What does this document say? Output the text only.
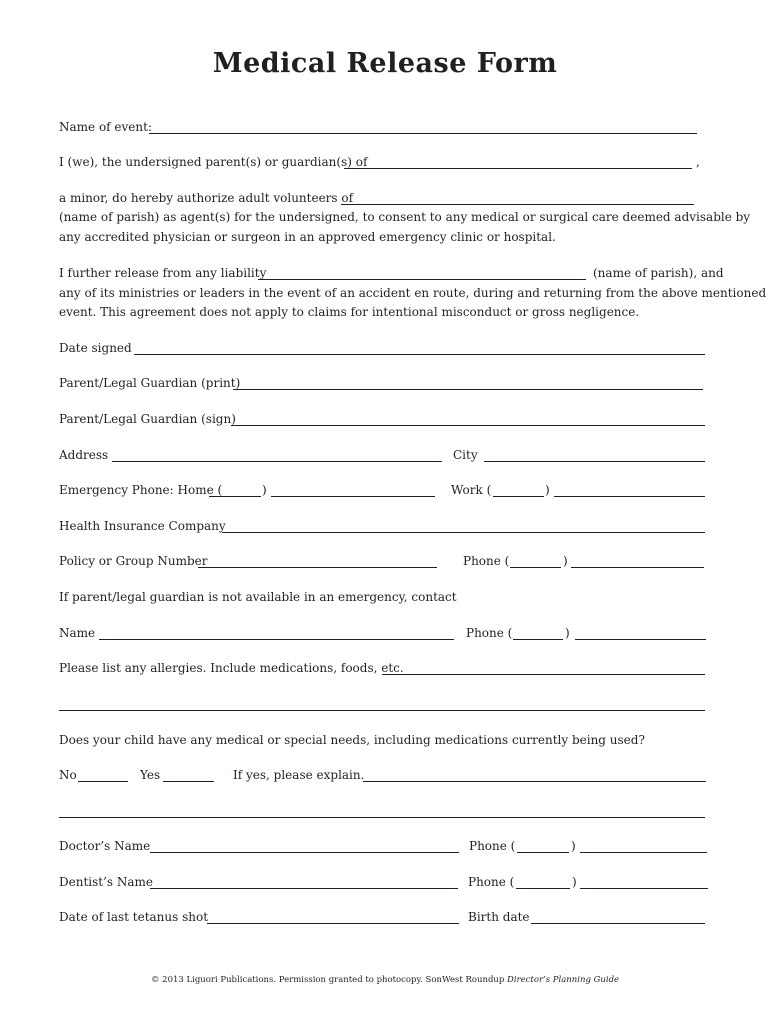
Medical Release Form
Name of event:
I (we), the undersigned parent(s) or guardian(s) of	,
a minor, do hereby authorize adult volunteers of
(name of parish) as agent(s) for the undersigned, to consent to any medical or surgical care deemed advisable by
any accredited physician or surgeon in an approved emergency clinic or hospital.
I further release from any liability	(name of parish), and
any of its ministries or leaders in the event of an accident en route, during and returning from the above mentioned
event. This agreement does not apply to claims for intentional misconduct or gross negligence.
Date signed
Parent/Legal Guardian (print)
Parent/Legal Guardian (sign)
Address	City
Emergency Phone: Home (	)	Work (	)
Health Insurance Company
Policy or Group Number	Phone (	)
If parent/legal guardian is not available in an emergency, contact
Name	Phone (	)
Please list any allergies. Include medications, foods, etc.
Does your child have any medical or special needs, including medications currently being used?
No	Yes	If yes, please explain.
Doctor’s Name	Phone (	)
Dentist’s Name	Phone (	)
Date of last tetanus shot	Birth date
© 2013 Liguori Publications. Permission granted to photocopy. SonWest Roundup Director’s Planning Guide
